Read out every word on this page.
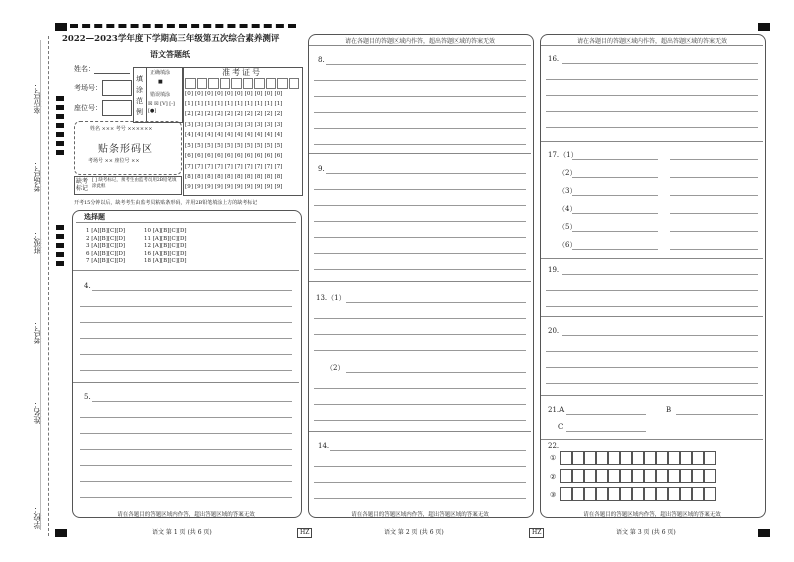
学校：
姓名：
考号：
班级：
考场号：
座位号：
2022—2023学年度下学期高三年级第五次综合素养测评
语文答题纸
姓名：
考场号：
座位号：
填
涂
范
例
正确填涂
■
错误填涂
☒ ☒ [V] [-] [●]
准考证号
[0] [0] [0] [0] [0] [0] [0] [0] [0] [0]
[1] [1] [1] [1] [1] [1] [1] [1] [1] [1]
[2] [2] [2] [2] [2] [2] [2] [2] [2] [2]
[3] [3] [3] [3] [3] [3] [3] [3] [3] [3]
[4] [4] [4] [4] [4] [4] [4] [4] [4] [4]
[5] [5] [5] [5] [5] [5] [5] [5] [5] [5]
[6] [6] [6] [6] [6] [6] [6] [6] [6] [6]
[7] [7] [7] [7] [7] [7] [7] [7] [7] [7]
[8] [8] [8] [8] [8] [8] [8] [8] [8] [8]
[9] [9] [9] [9] [9] [9] [9] [9] [9] [9]
姓名 ××× 考号 ××××××
贴条形码区
考场号 ×× 座位号 ××
缺考标记
[ ] 缺考标记，须考生由监考员用2B铅笔填涂此框
开考15分钟以后，缺考考生由监考员粘贴条形码，并用2B铅笔填涂上方的缺考标记
选择题
1 [A][B][C][D]
2 [A][B][C][D]
3 [A][B][C][D]
6 [A][B][C][D]
7 [A][B][C][D]
10 [A][B][C][D]
11 [A][B][C][D]
12 [A][B][C][D]
16 [A][B][C][D]
18 [A][B][C][D]
4.
5.
请在各题目的答题区域内作答，超出答题区域的答案无效
请在各题目的答题区域内作答，超出答题区域的答案无效
8.
9.
13.（1）
（2）
14.
请在各题目的答题区域内作答，超出答题区域的答案无效
请在各题目的答题区域内作答，超出答题区域的答案无效
16.
17.（1）
（2）
（3）
（4）
（5）
（6）
19.
20.
21.A	B
C
22.
①
②
③
请在各题目的答题区域内作答，超出答题区域的答案无效
语文 第 1 页 (共 6 页)	HZ	语文 第 2 页 (共 6 页)	HZ	语文 第 3 页 (共 6 页)
